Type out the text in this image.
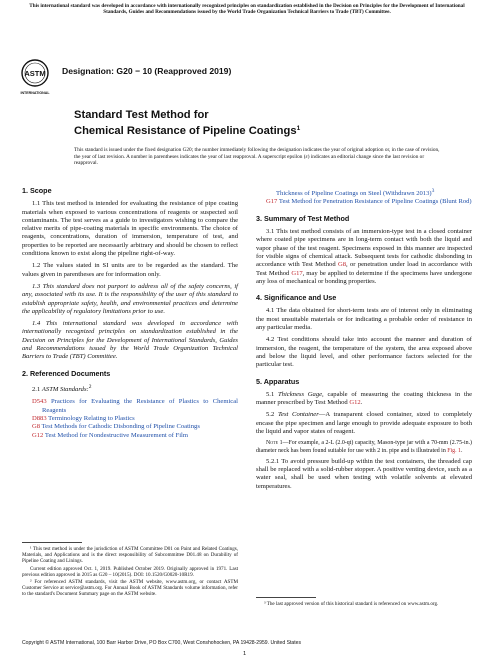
This international standard was developed in accordance with internationally recognized principles on standardization established in the Decision on Principles for the Development of International Standards, Guides and Recommendations issued by the World Trade Organization Technical Barriers to Trade (TBT) Committee.
ASTM
INTERNATIONAL
Designation: G20 − 10 (Reapproved 2019)
Standard Test Method for
Chemical Resistance of Pipeline Coatings$^1$
This standard is issued under the fixed designation G20; the number immediately following the designation indicates the year of original adoption or, in the case of revision, the year of last revision. A number in parentheses indicates the year of last reapproval. A superscript epsilon (ε) indicates an editorial change since the last revision or reapproval.
1. Scope

1.1 This test method is intended for evaluating the resistance of pipe coating materials when exposed to various concentrations of reagents or suspected soil contaminants. The test serves as a guide to investigators wishing to compare the relative merits of pipe-coating materials in specific environments. The choice of reagents, concentrations, duration of immersion, temperature of test, and properties to be reported are necessarily arbitrary and should be chosen to reflect conditions known to exist along the pipeline right-of-way.

1.2 The values stated in SI units are to be regarded as the standard. The values given in parentheses are for information only.

1.3 This standard does not purport to address all of the safety concerns, if any, associated with its use. It is the responsibility of the user of this standard to establish appropriate safety, health, and environmental practices and determine the applicability of regulatory limitations prior to use.

1.4 This international standard was developed in accordance with internationally recognized principles on standardization established in the Decision on Principles for the Development of International Standards, Guides and Recommendations issued by the World Trade Organization Technical Barriers to Trade (TBT) Committee.

2. Referenced Documents

2.1 ASTM Standards:$^2$

D543 Practices for Evaluating the Resistance of Plastics to Chemical Reagents
D883 Terminology Relating to Plastics
G8 Test Methods for Cathodic Disbonding of Pipeline Coatings
G12 Test Method for Nondestructive Measurement of Film

¹ This test method is under the jurisdiction of ASTM Committee D01 on Paint and Related Coatings, Materials, and Applications and is the direct responsibility of Subcommittee D01.48 on Durability of Pipeline Coating and Linings.

Current edition approved Oct. 1, 2019. Published October 2019. Originally approved in 1971. Last previous edition approved in 2015 as G20 – 10(2015). DOI: 10.1520/G0020-10R19.

² For referenced ASTM standards, visit the ASTM website, www.astm.org, or contact ASTM Customer Service at service@astm.org. For Annual Book of ASTM Standards volume information, refer to the standard's Document Summary page on the ASTM website.

Thickness of Pipeline Coatings on Steel (Withdrawn 2013)$^3$
G17 Test Method for Penetration Resistance of Pipeline Coatings (Blunt Rod)
3. Summary of Test Method

3.1 This test method consists of an immersion-type test in a closed container where coated pipe specimens are in long-term contact with both the liquid and vapor phase of the test reagent. Specimens exposed in this manner are inspected for visible signs of chemical attack. Subsequent tests for cathodic disbonding in accordance with Test Method G8, or penetration under load in accordance with Test Method G17, may be applied to determine if the specimens have undergone any loss of mechanical or bonding properties.

4. Significance and Use

4.1 The data obtained for short-term tests are of interest only in eliminating the most unsuitable materials or for indicating a probable order of resistance in any particular media.

4.2 Test conditions should take into account the manner and duration of immersion, the reagent, the temperature of the system, the area exposed above and below the liquid level, and other performance factors selected for the particular test.

5. Apparatus

5.1 Thickness Gage, capable of measuring the coating thickness in the manner prescribed by Test Method G12.

5.2 Test Container—A transparent closed container, sized to completely encase the pipe specimen and large enough to provide adequate exposure to both the liquid and vapor states of reagent.

Note 1—For example, a 2-L (2.0-qt) capacity, Mason-type jar with a 70-mm (2.75-in.) diameter neck has been found suitable for use with 2 in. pipe and is illustrated in Fig. 1.

5.2.1 To avoid pressure build-up within the test containers, the threaded cap shall be replaced with a solid-rubber stopper. A positive venting device, such as a water seal, shall be used when testing with volatile solvents at elevated temperatures.

³ The last approved version of this historical standard is referenced on www.astm.org.

Copyright © ASTM International, 100 Barr Harbor Drive, PO Box C700, West Conshohocken, PA 19428-2959. United States
1
